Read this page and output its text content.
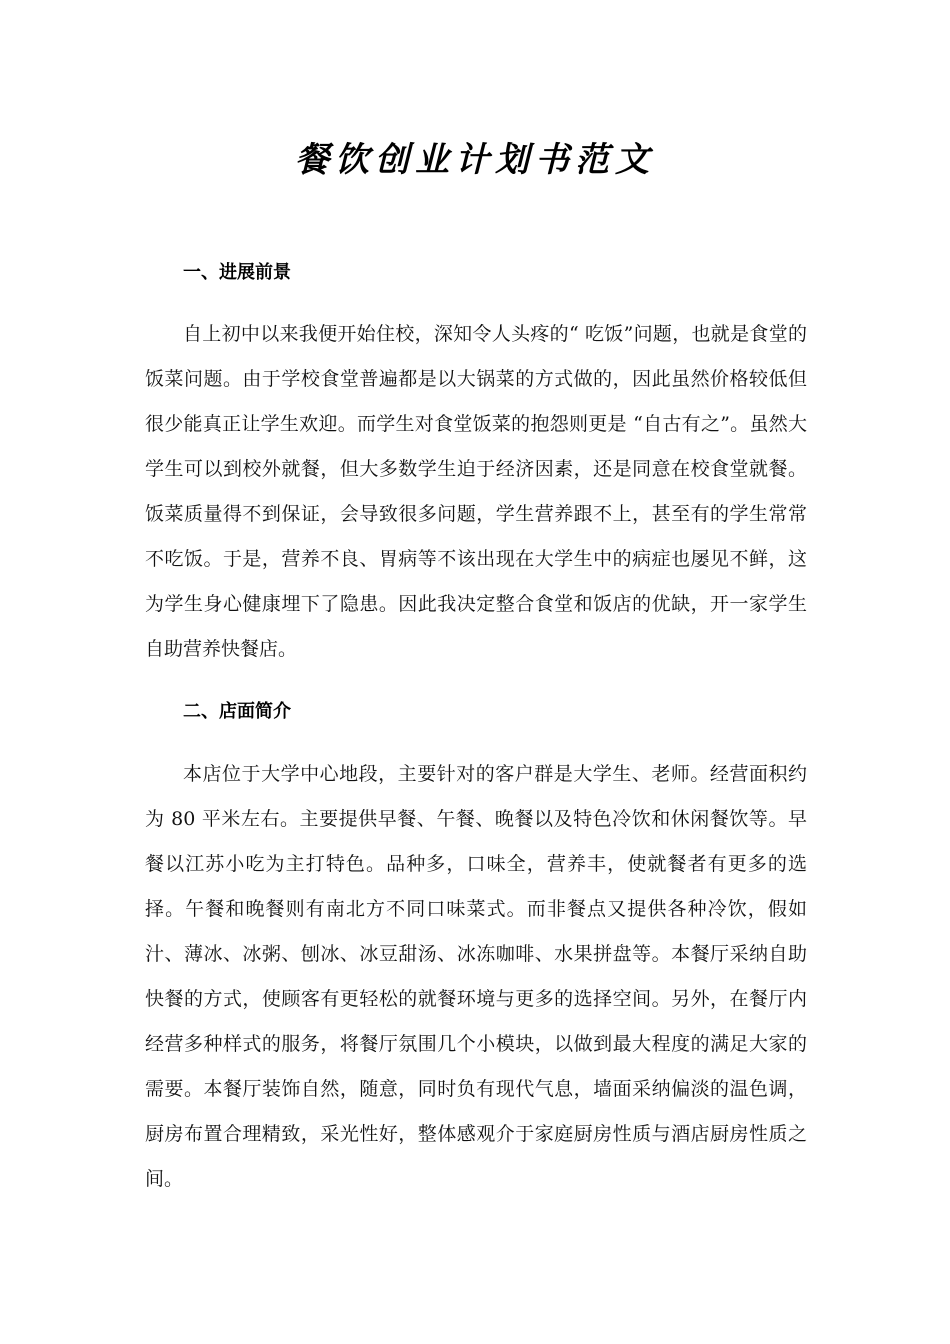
餐饮创业计划书范文
一、进展前景

自上初中以来我便开始住校，深知令人头疼的“ 吃饭”问题，也就是食堂的饭菜问题。由于学校食堂普遍都是以大锅菜的方式做的，因此虽然价格较低但很少能真正让学生欢迎。而学生对食堂饭菜的抱怨则更是 “自古有之”。虽然大学生可以到校外就餐，但大多数学生迫于经济因素，还是同意在校食堂就餐。饭菜质量得不到保证，会导致很多问题，学生营养跟不上，甚至有的学生常常不吃饭。于是，营养不良、胃病等不该出现在大学生中的病症也屡见不鲜，这为学生身心健康埋下了隐患。因此我决定整合食堂和饭店的优缺，开一家学生自助营养快餐店。

二、店面简介

本店位于大学中心地段，主要针对的客户群是大学生、老师。经营面积约为 80 平米左右。主要提供早餐、午餐、晚餐以及特色冷饮和休闲餐饮等。早餐以江苏小吃为主打特色。品种多，口味全，营养丰，使就餐者有更多的选择。午餐和晚餐则有南北方不同口味菜式。而非餐点又提供各种冷饮，假如汁、薄冰、冰粥、刨冰、冰豆甜汤、冰冻咖啡、水果拼盘等。本餐厅采纳自助快餐的方式，使顾客有更轻松的就餐环境与更多的选择空间。另外，在餐厅内经营多种样式的服务，将餐厅氛围几个小模块，以做到最大程度的满足大家的需要。本餐厅装饰自然，随意，同时负有现代气息，墙面采纳偏淡的温色调，厨房布置合理精致，采光性好，整体感观介于家庭厨房性质与酒店厨房性质之间。
